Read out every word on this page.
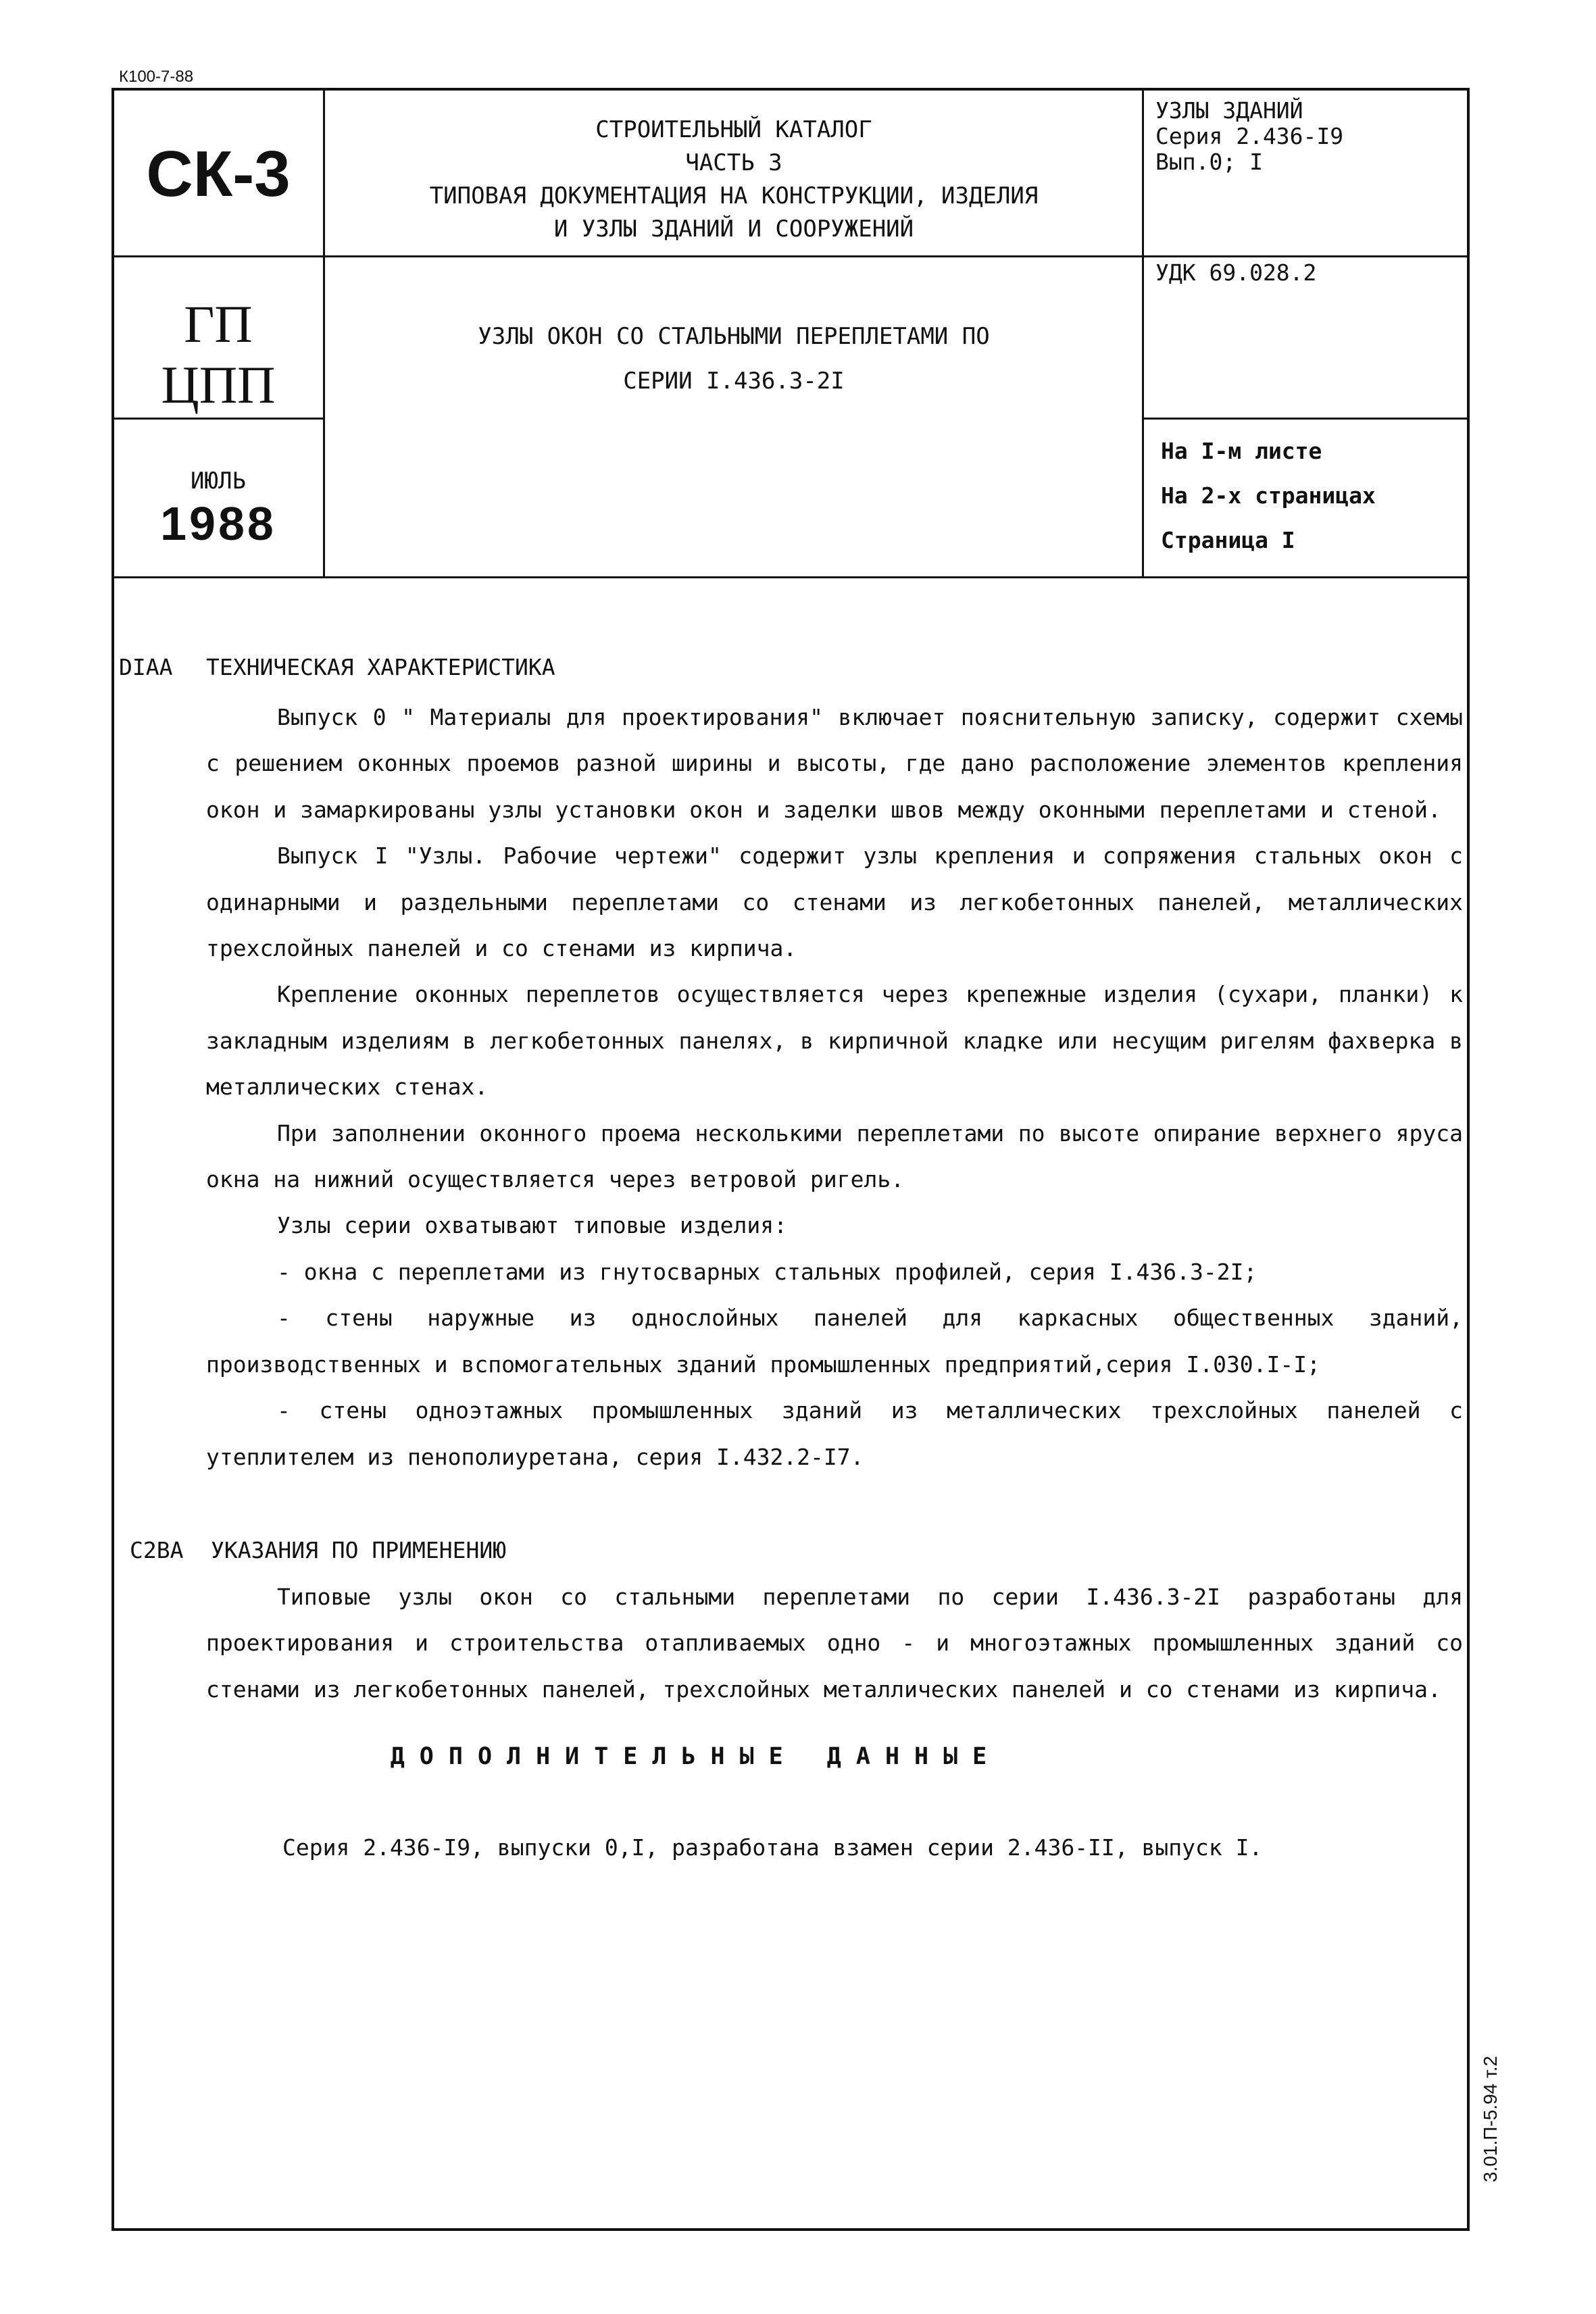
К100-7-88
СК-3
ГП
ЦПП
ИЮЛЬ
1988
СТРОИТЕЛЬНЫЙ КАТАЛОГ
ЧАСТЬ 3
ТИПОВАЯ ДОКУМЕНТАЦИЯ НА КОНСТРУКЦИИ, ИЗДЕЛИЯ
И УЗЛЫ ЗДАНИЙ И СООРУЖЕНИЙ
УЗЛЫ ОКОН СО СТАЛЬНЫМИ ПЕРЕПЛЕТАМИ ПО
СЕРИИ I.436.3-2I
УЗЛЫ ЗДАНИЙ
Серия 2.436-I9
Вып.0; I
УДК 69.028.2
На I-м листе
На 2-х страницах
Страница I
DIAA ТЕХНИЧЕСКАЯ ХАРАКТЕРИСТИКА

Выпуск 0 " Материалы для проектирования" включает пояснительную записку, содержит схемы с решением оконных проемов разной ширины и высоты, где дано расположение элементов крепления окон и замаркированы узлы установки окон и заделки швов между оконными переплетами и стеной.

Выпуск I "Узлы. Рабочие чертежи" содержит узлы крепления и сопряжения стальных окон с одинарными и раздельными переплетами со стенами из легкобетонных панелей, металлических трехслойных панелей и со стенами из кирпича.

Крепление оконных переплетов осуществляется через крепежные изделия (сухари, планки) к закладным изделиям в легкобетонных панелях, в кирпичной кладке или несущим ригелям фахверка в металлических стенах.

При заполнении оконного проема несколькими переплетами по высоте опирание верхнего яруса окна на нижний осуществляется через ветровой ригель.

Узлы серии охватывают типовые изделия:

- окна с переплетами из гнутосварных стальных профилей, серия I.436.3-2I;

- стены наружные из однослойных панелей для каркасных общественных зданий, производственных и вспомогательных зданий промышленных предприятий,серия I.030.I-I;

- стены одноэтажных промышленных зданий из металлических трехслойных панелей с утеплителем из пенополиуретана, серия I.432.2-I7.

C2BA УКАЗАНИЯ ПО ПРИМЕНЕНИЮ

Типовые узлы окон со стальными переплетами по серии I.436.3-2I разработаны для проектирования и строительства отапливаемых одно - и многоэтажных промышленных зданий со стенами из легкобетонных панелей, трехслойных металлических панелей и со стенами из кирпича.

ДОПОЛНИТЕЛЬНЫЕ ДАННЫЕ
Серия 2.436-I9, выпуски 0,I, разработана взамен серии 2.436-II, выпуск I.
3.01.П-5.94 т.2
